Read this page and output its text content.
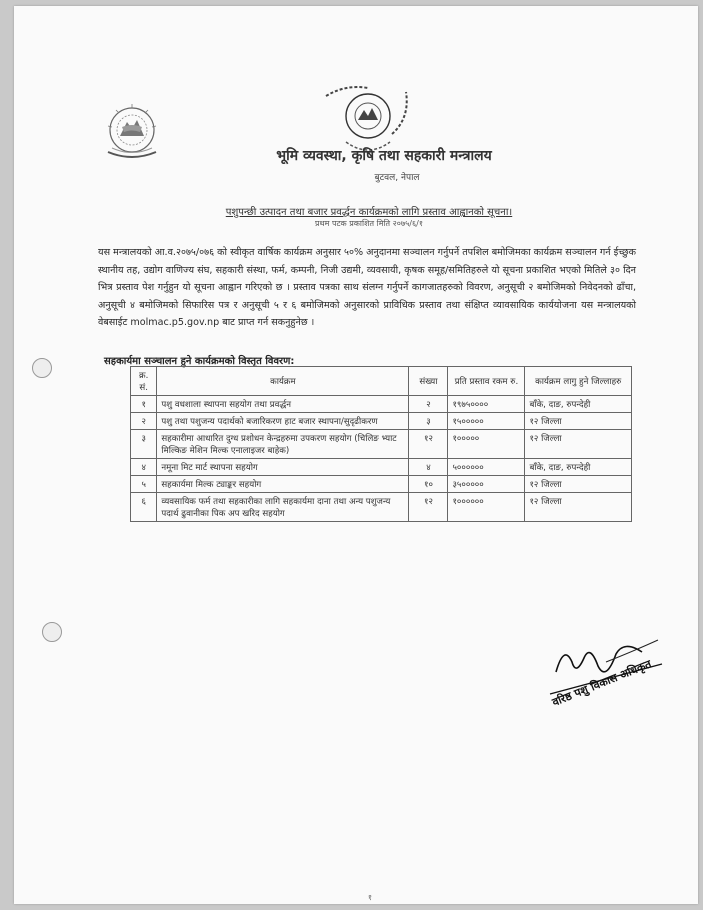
भूमि व्यवस्था, कृषि तथा सहकारी मन्त्रालय
बुटवल, नेपाल
पशुपन्छी उत्पादन तथा बजार प्रवर्द्धन कार्यक्रमको लागि प्रस्ताव आह्वानको सूचना।
प्रथम पटक प्रकाशित मिति २०७५/६/१
यस मन्त्रालयको आ.व.२०७५/०७६ को स्वीकृत वार्षिक कार्यक्रम अनुसार ५०% अनुदानमा सञ्चालन गर्नुपर्ने तपशिल बमोजिमका कार्यक्रम सञ्चालन गर्न ईच्छुक स्थानीय तह, उद्योग वाणिज्य संघ, सहकारी संस्था, फर्म, कम्पनी, निजी उद्यमी, व्यवसायी, कृषक समूह/समितिहरुले यो सूचना प्रकाशित भएको मितिले ३० दिन भित्र प्रस्ताव पेश गर्नुहुन यो सूचना आह्वान गरिएको छ । प्रस्ताव पत्रका साथ संलग्न गर्नुपर्ने कागजातहरुको विवरण, अनुसूची २ बमोजिमको निवेदनको ढाँचा, अनुसूची ४ बमोजिमको सिफारिस पत्र र अनुसूची ५ र ६ बमोजिमको अनुसारको प्राविधिक प्रस्ताव तथा संक्षिप्त व्यावसायिक कार्ययोजना यस मन्त्रालयको वेबसाईट molmac.p5.gov.np बाट प्राप्त गर्न सकनुहुनेछ ।
सहकार्यमा सञ्चालन हुने कार्यक्रमको विस्तृत विवरण:
क्र. सं.	कार्यक्रम	संख्या	प्रति प्रस्ताव रकम रु.	कार्यक्रम लागु हुने जिल्लाहरु
१	पशु वधशाला स्थापना सहयोग तथा प्रवर्द्धन	२	१९७५००००	बाँके, दाङ, रुपन्देही
२	पशु तथा पशुजन्य पदार्थको बजारिकरण हाट बजार स्थापना/सुदृढीकरण	३	१५०००००	१२ जिल्ला
३	सहकारीमा आधारित दुग्ध प्रशोधन केन्द्रहरुमा उपकरण सहयोग (चिलिङ भ्याट मिल्किङ मेशिन मिल्क एनालाइजर बाहेक)	१२	१०००००	१२ जिल्ला
४	नमूना मिट मार्ट स्थापना सहयोग	४	५००००००	बाँके, दाङ, रुपन्देही
५	सहकार्यमा मिल्क ट्याङ्कर सहयोग	१०	३५०००००	१२ जिल्ला
६	व्यवसायिक फर्म तथा सहकारीका लागि सहकार्यमा दाना तथा अन्य पशुजन्य पदार्थ ढुवानीका पिक अप खरिद सहयोग	१२	१००००००	१२ जिल्ला
वरिष्ठ पशु विकास अधिकृत
१
